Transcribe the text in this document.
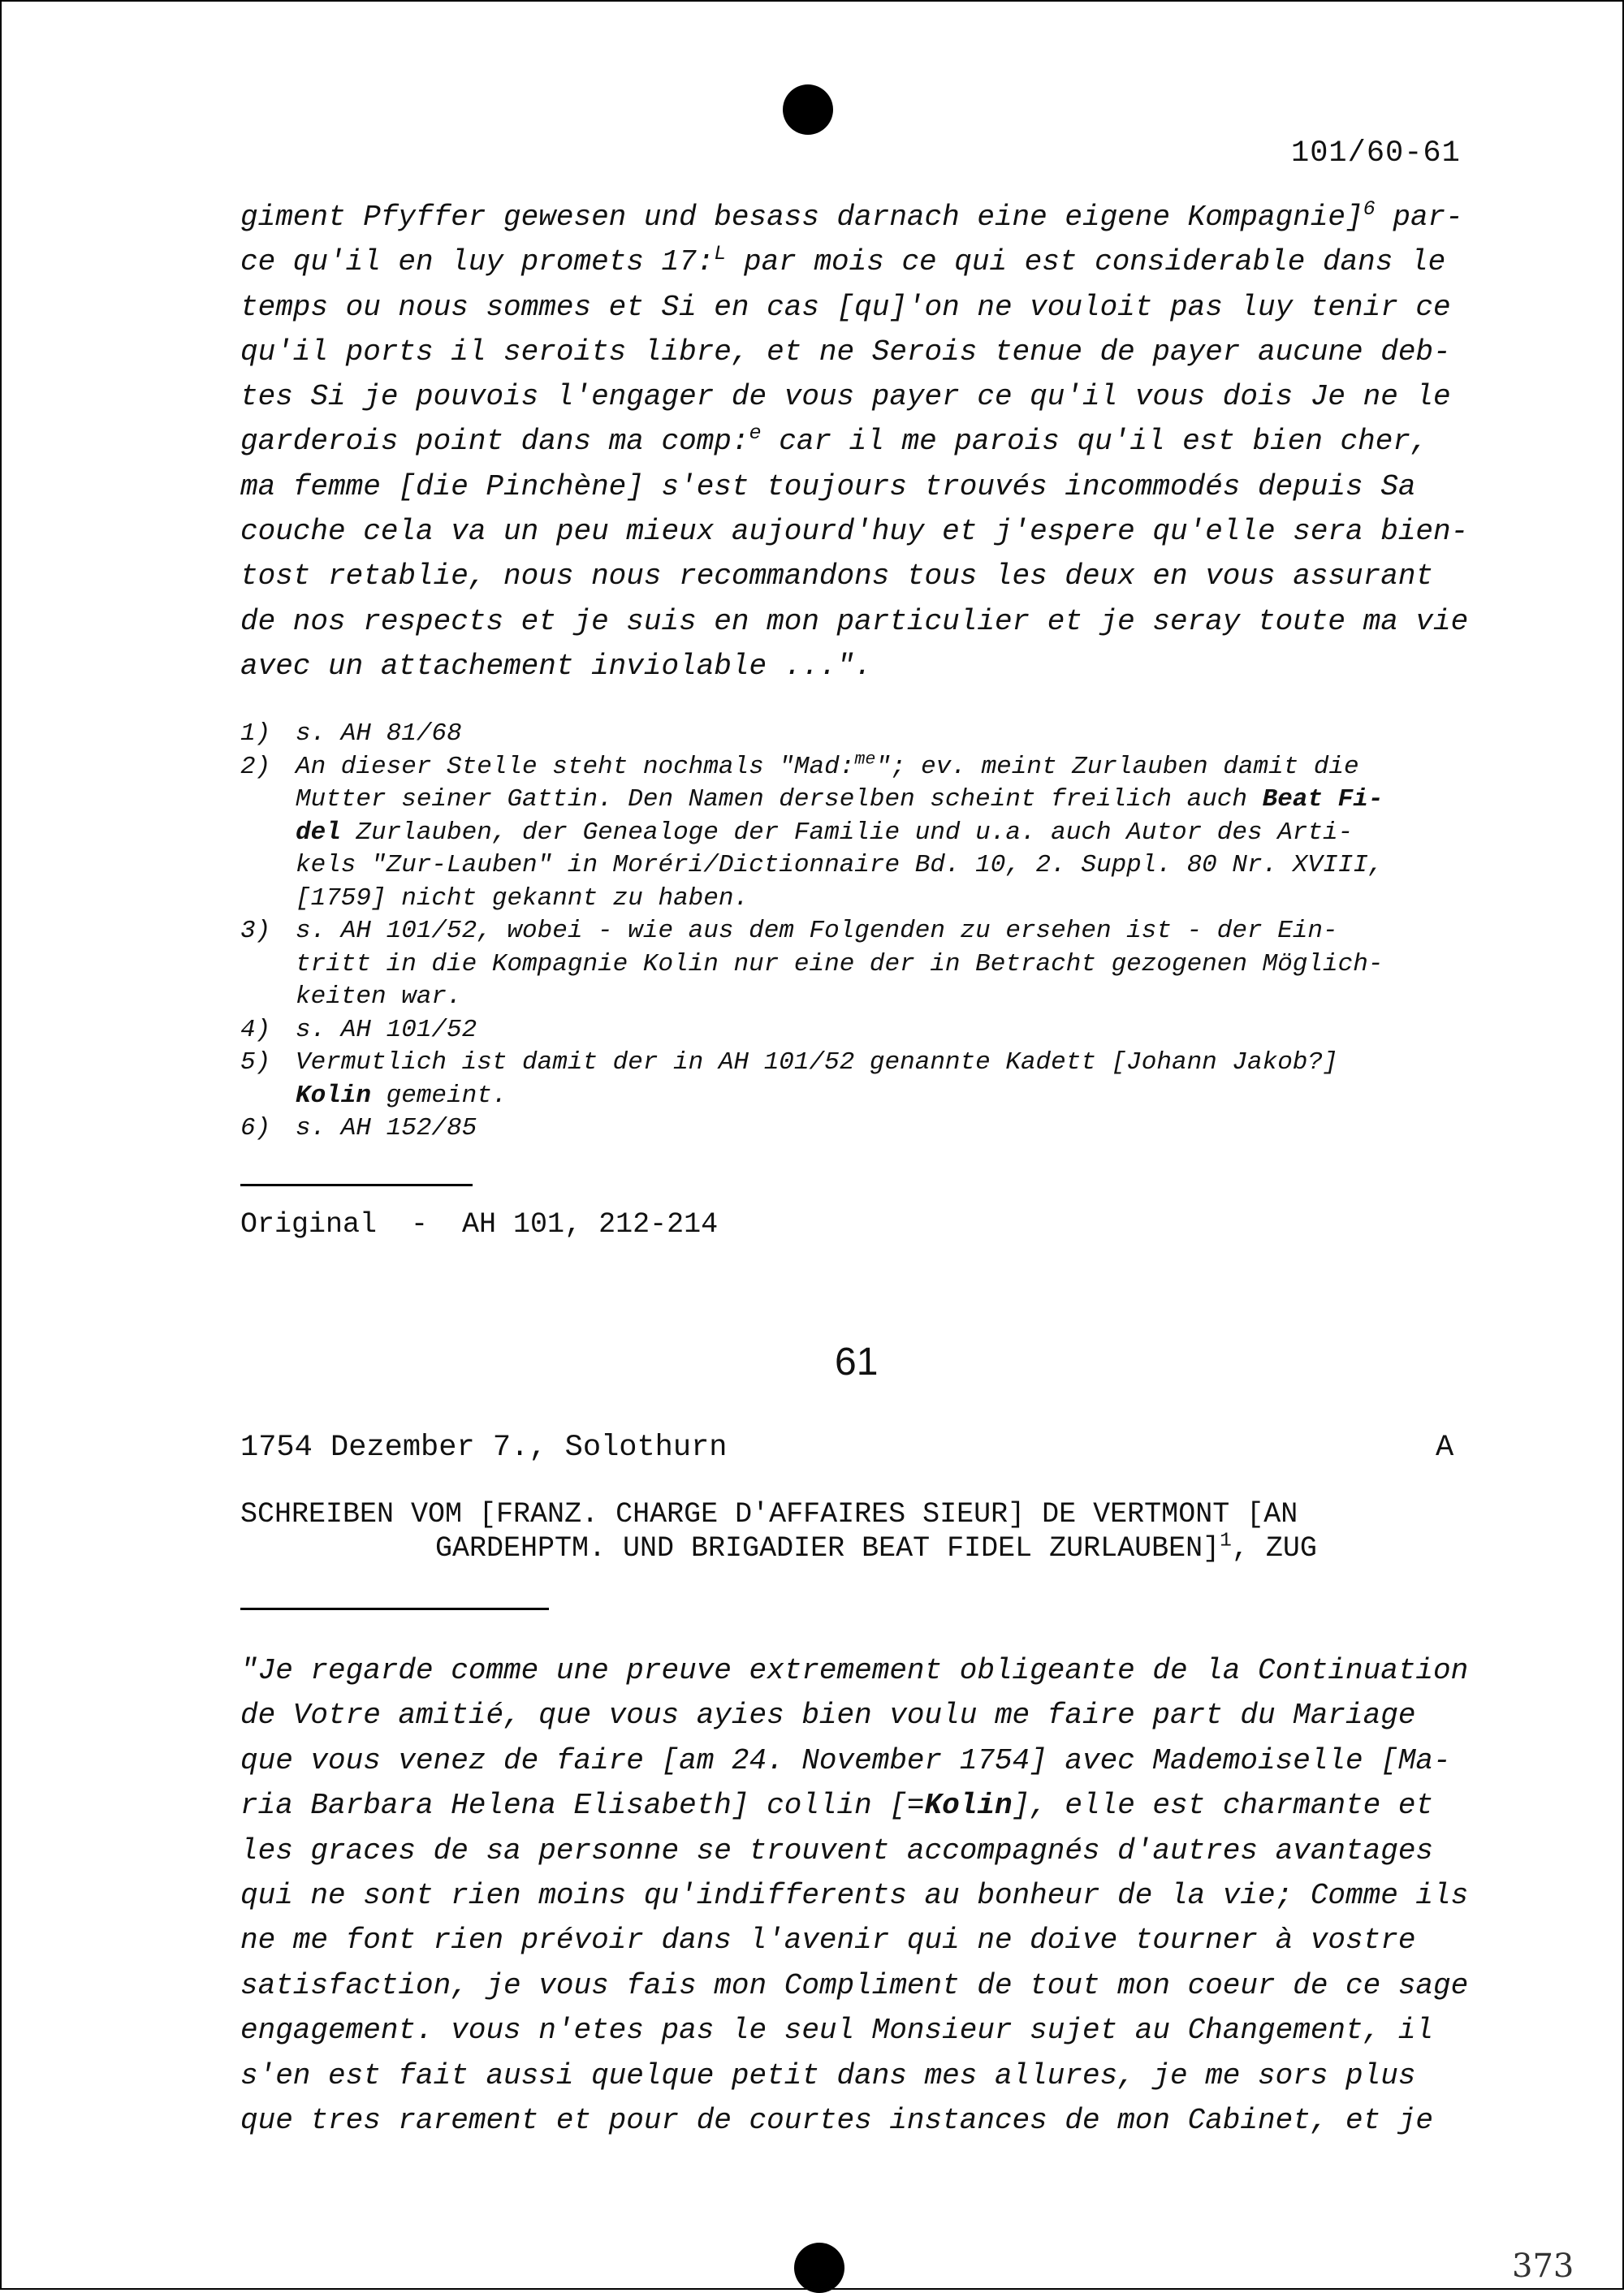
101/60-61
giment Pfyffer gewesen und besass darnach eine eigene Kompagnie]$^6$ par-
ce qu'il en luy promets 17:$^L$ par mois ce qui est considerable dans le
temps ou nous sommes et Si en cas [qu]'on ne vouloit pas luy tenir ce
qu'il ports il seroits libre, et ne Serois tenue de payer aucune deb-
tes Si je pouvois l'engager de vous payer ce qu'il vous dois Je ne le
garderois point dans ma comp:$^e$ car il me parois qu'il est bien cher,
ma femme [die Pinchène] s'est toujours trouvés incommodés depuis Sa
couche cela va un peu mieux aujourd'huy et j'espere qu'elle sera bien-
tost retablie, nous nous recommandons tous les deux en vous assurant
de nos respects et je suis en mon particulier et je seray toute ma vie
avec un attachement inviolable ...".
1) s. AH 81/68
2) An dieser Stelle steht nochmals "Mad:$^{me}$"; ev. meint Zurlauben damit die
Mutter seiner Gattin. Den Namen derselben scheint freilich auch Beat Fi-
del Zurlauben, der Genealoge der Familie und u.a. auch Autor des Arti-
kels "Zur-Lauben" in Moréri/Dictionnaire Bd. 10, 2. Suppl. 80 Nr. XVIII,
[1759] nicht gekannt zu haben.
3) s. AH 101/52, wobei - wie aus dem Folgenden zu ersehen ist - der Ein-
tritt in die Kompagnie Kolin nur eine der in Betracht gezogenen Möglich-
keiten war.
4) s. AH 101/52
5) Vermutlich ist damit der in AH 101/52 genannte Kadett [Johann Jakob?]
Kolin gemeint.
6) s. AH 152/85
Original  -  AH 101, 212-214
61
1754 Dezember 7., Solothurn	A
SCHREIBEN VOM [FRANZ. CHARGE D'AFFAIRES SIEUR] DE VERTMONT [AN
GARDEHPTM. UND BRIGADIER BEAT FIDEL ZURLAUBEN]$^1$, ZUG
"Je regarde comme une preuve extremement obligeante de la Continuation
de Votre amitié, que vous ayies bien voulu me faire part du Mariage
que vous venez de faire [am 24. November 1754] avec Mademoiselle [Ma-
ria Barbara Helena Elisabeth] collin [=Kolin], elle est charmante et
les graces de sa personne se trouvent accompagnés d'autres avantages
qui ne sont rien moins qu'indifferents au bonheur de la vie; Comme ils
ne me font rien prévoir dans l'avenir qui ne doive tourner à vostre
satisfaction, je vous fais mon Compliment de tout mon coeur de ce sage
engagement. vous n'etes pas le seul Monsieur sujet au Changement, il
s'en est fait aussi quelque petit dans mes allures, je me sors plus
que tres rarement et pour de courtes instances de mon Cabinet, et je
373
